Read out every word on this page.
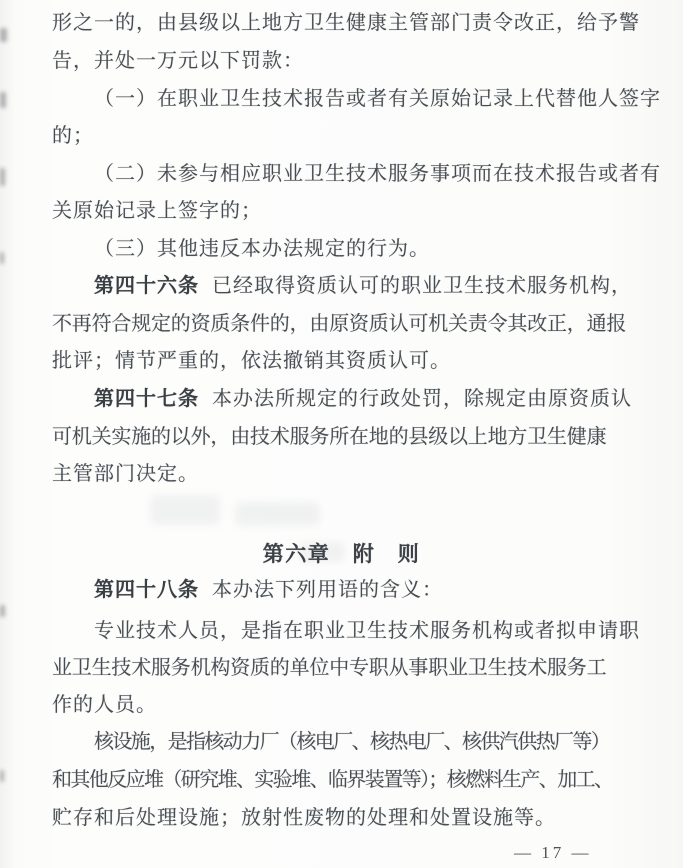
形之一的，由县级以上地方卫生健康主管部门责令改正，给予警
告，并处一万元以下罚款：
（一）在职业卫生技术报告或者有关原始记录上代替他人签字
的；
（二）未参与相应职业卫生技术服务事项而在技术报告或者有
关原始记录上签字的；
（三）其他违反本办法规定的行为。
第四十六条 已经取得资质认可的职业卫生技术服务机构，
不再符合规定的资质条件的，由原资质认可机关责令其改正，通报
批评；情节严重的，依法撤销其资质认可。
第四十七条 本办法所规定的行政处罚，除规定由原资质认
可机关实施的以外，由技术服务所在地的县级以上地方卫生健康
主管部门决定。
第六章　附　则
第四十八条 本办法下列用语的含义：
专业技术人员，是指在职业卫生技术服务机构或者拟申请职
业卫生技术服务机构资质的单位中专职从事职业卫生技术服务工
作的人员。
核设施，是指核动力厂（核电厂、核热电厂、核供汽供热厂等）
和其他反应堆（研究堆、实验堆、临界装置等）；核燃料生产、加工、
贮存和后处理设施；放射性废物的处理和处置设施等。
— 17 —
